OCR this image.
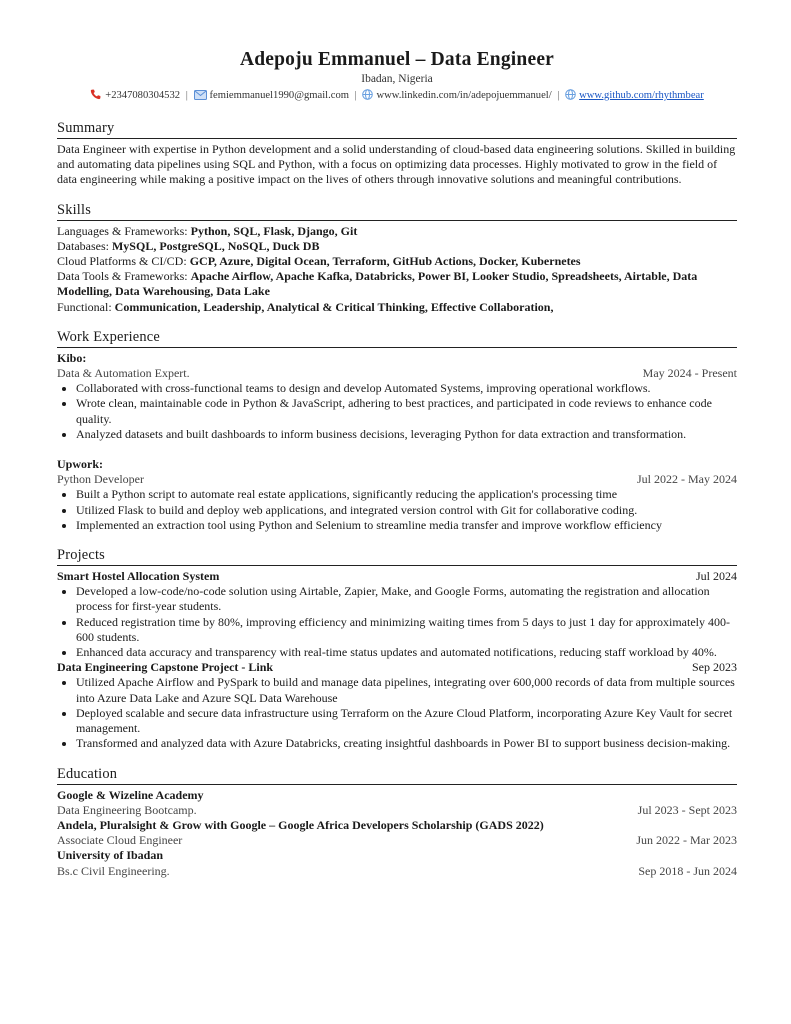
Adepoju Emmanuel – Data Engineer
Ibadan, Nigeria
+2347080304532 | femiemmanuel1990@gmail.com | www.linkedin.com/in/adepojuemmanuel/ | www.github.com/rhythmbear
Summary

Data Engineer with expertise in Python development and a solid understanding of cloud-based data engineering solutions. Skilled in building and automating data pipelines using SQL and Python, with a focus on optimizing data processes. Highly motivated to grow in the field of data engineering while making a positive impact on the lives of others through innovative solutions and meaningful contributions.

Skills

Languages & Frameworks: Python, SQL, Flask, Django, Git

Databases: MySQL, PostgreSQL, NoSQL, Duck DB

Cloud Platforms & CI/CD: GCP, Azure, Digital Ocean, Terraform, GitHub Actions, Docker, Kubernetes

Data Tools & Frameworks: Apache Airflow, Apache Kafka, Databricks, Power BI, Looker Studio, Spreadsheets, Airtable, Data Modelling, Data Warehousing, Data Lake

Functional: Communication, Leadership, Analytical & Critical Thinking, Effective Collaboration,

Work Experience
Kibo:
Data & Automation Expert.	May 2024 - Present
• Collaborated with cross-functional teams to design and develop Automated Systems, improving operational workflows.
• Wrote clean, maintainable code in Python & JavaScript, adhering to best practices, and participated in code reviews to enhance code quality.
• Analyzed datasets and built dashboards to inform business decisions, leveraging Python for data extraction and transformation.
Upwork:
Python Developer	Jul 2022 - May 2024
• Built a Python script to automate real estate applications, significantly reducing the application's processing time
• Utilized Flask to build and deploy web applications, and integrated version control with Git for collaborative coding.
• Implemented an extraction tool using Python and Selenium to streamline media transfer and improve workflow efficiency
Projects
Smart Hostel Allocation System	Jul 2024
• Developed a low-code/no-code solution using Airtable, Zapier, Make, and Google Forms, automating the registration and allocation process for first-year students.
• Reduced registration time by 80%, improving efficiency and minimizing waiting times from 5 days to just 1 day for approximately 400-600 students.
• Enhanced data accuracy and transparency with real-time status updates and automated notifications, reducing staff workload by 40%.
Data Engineering Capstone Project - Link	Sep 2023
• Utilized Apache Airflow and PySpark to build and manage data pipelines, integrating over 600,000 records of data from multiple sources into Azure Data Lake and Azure SQL Data Warehouse
• Deployed scalable and secure data infrastructure using Terraform on the Azure Cloud Platform, incorporating Azure Key Vault for secret management.
• Transformed and analyzed data with Azure Databricks, creating insightful dashboards in Power BI to support business decision-making.
Education
Google & Wizeline Academy
Data Engineering Bootcamp.	Jul 2023 - Sept 2023
Andela, Pluralsight & Grow with Google – Google Africa Developers Scholarship (GADS 2022)
Associate Cloud Engineer	Jun 2022 - Mar 2023
University of Ibadan
Bs.c Civil Engineering.	Sep 2018 - Jun 2024
